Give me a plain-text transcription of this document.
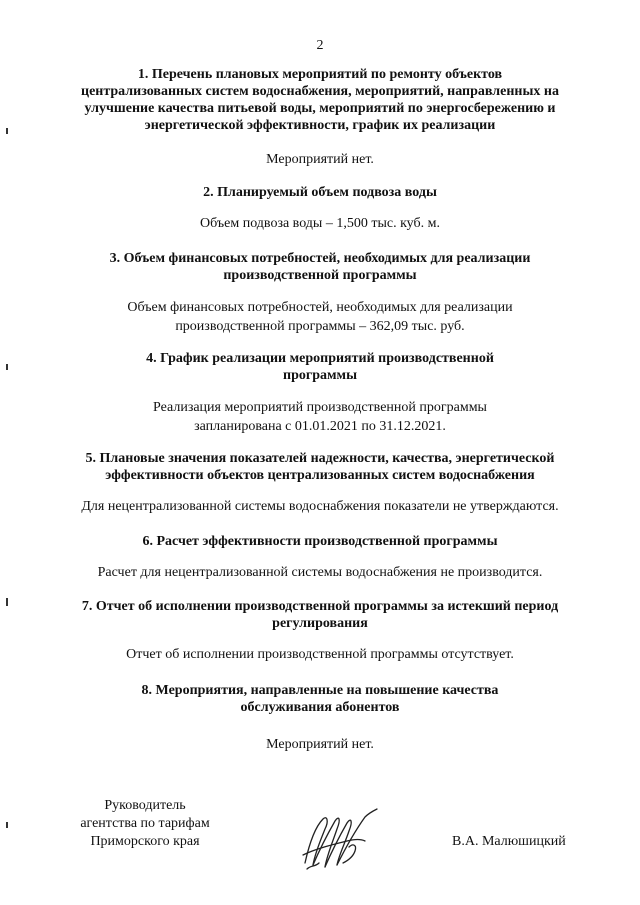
2
1. Перечень плановых мероприятий по ремонту объектов
централизованных систем водоснабжения, мероприятий, направленных на
улучшение качества питьевой воды, мероприятий по энергосбережению и
энергетической эффективности, график их реализации
Мероприятий нет.
2. Планируемый объем подвоза воды
Объем подвоза воды – 1,500 тыс. куб. м.
3. Объем финансовых потребностей, необходимых для реализации
производственной программы
Объем финансовых потребностей, необходимых для реализации
производственной программы – 362,09 тыс. руб.
4. График реализации мероприятий производственной
программы
Реализация мероприятий производственной программы
запланирована с 01.01.2021 по 31.12.2021.
5. Плановые значения показателей надежности, качества, энергетической
эффективности объектов централизованных систем водоснабжения
Для нецентрализованной системы водоснабжения показатели не утверждаются.
6. Расчет эффективности производственной программы
Расчет для нецентрализованной системы водоснабжения не производится.
7. Отчет об исполнении производственной программы за истекший период
регулирования
Отчет об исполнении производственной программы отсутствует.
8. Мероприятия, направленные на повышение качества
обслуживания абонентов
Мероприятий нет.
Руководитель
агентства по тарифам
Приморского края	В.А. Малюшицкий
